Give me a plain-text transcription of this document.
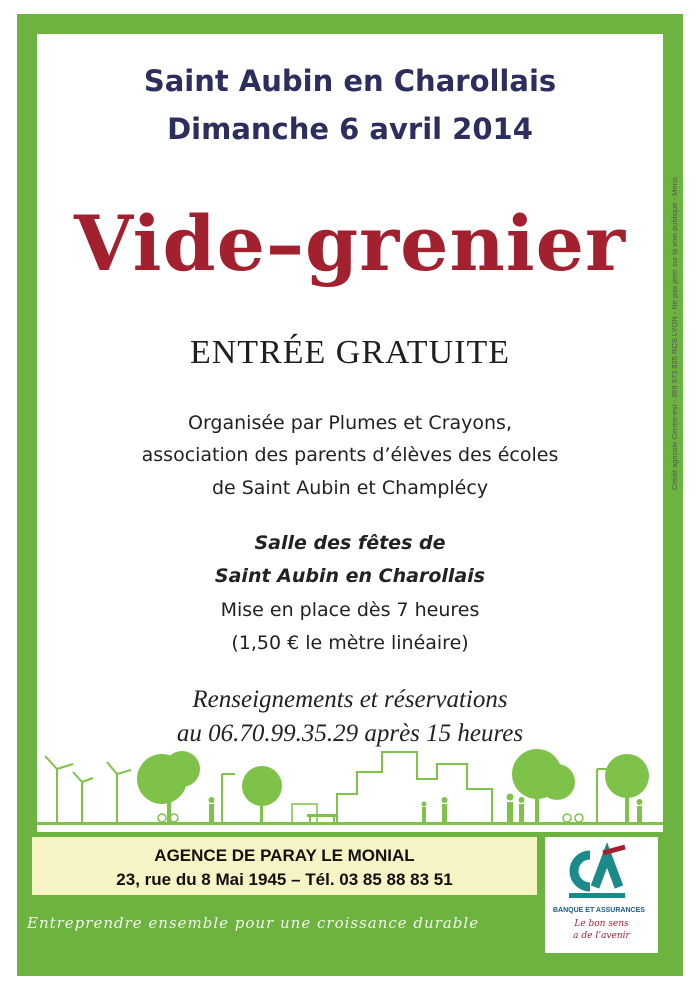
Saint Aubin en Charollais
Dimanche 6 avril 2014
Vide–grenier
ENTRÉE GRATUITE
Organisée par Plumes et Crayons,
association des parents d’élèves des écoles
de Saint Aubin et Champlécy
Salle des fêtes de
Saint Aubin en Charollais
Mise en place dès 7 heures
(1,50 € le mètre linéaire)
Renseignements et réservations
au 06.70.99.35.29 après 15 heures
AGENCE DE PARAY LE MONIAL
23, rue du 8 Mai 1945 – Tél. 03 85 88 83 51
BANQUE ET ASSURANCES
Le bon sens
a de l’avenir
Entreprendre ensemble pour une croissance durable
Crédit agricole Centre-est - 399 973 825 RCS LYON - Ne pas jeter sur la voie publique - Merci.
